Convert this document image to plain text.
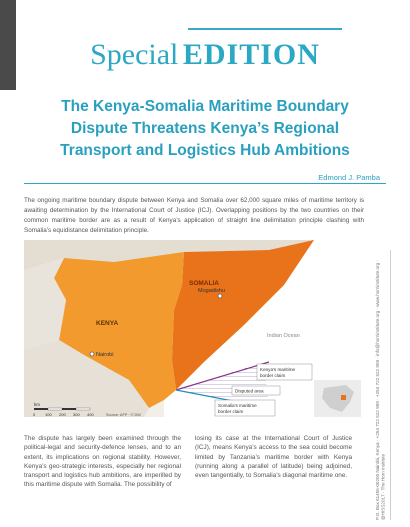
Special EDITION
The Kenya-Somalia Maritime Boundary
Dispute Threatens Kenya’s Regional
Transport and Logistics Hub Ambitions
Edmond J. Pamba

The ongoing maritime boundary dispute between Kenya and Somalia over 62,000 square miles of maritime territory is awaiting determination by the International Court of Justice (ICJ). Overlapping positions by the two countries on their common maritime border are as a result of Kenya’s application of straight line delimitation principle clashing with Somalia’s equidistance delimitation principle.

SOMALIA
KENYA
Mogadishu
Nairobi
Indian Ocean
Kenya's maritime
border claim
Disputed area
Somalia's maritime
border claim
km
0 100 200 300 400	Source: AFP · © DW	P.O. Box 61455-00200 Nairobi, Kenya · +254 722 522 959 · +254 722 522 959 · info@horninstitute.org · www.horninstitute.org · @HISS2017 · The Horn Institute

The dispute has largely been examined through the political-legal and security-defence lenses, and to an extent, its implications on regional stability. However, Kenya’s geo-strategic interests, especially her regional transport and logistics hub ambitions, are imperilled by this maritime dispute with Somalia. The possibility of

losing its case at the International Court of Justice (ICJ), means Kenya’s access to the sea could become limited by Tanzania’s maritime border with Kenya (running along a parallel of latitude) being adjoined, even tangentially, to Somalia’s diagonal maritime one.
